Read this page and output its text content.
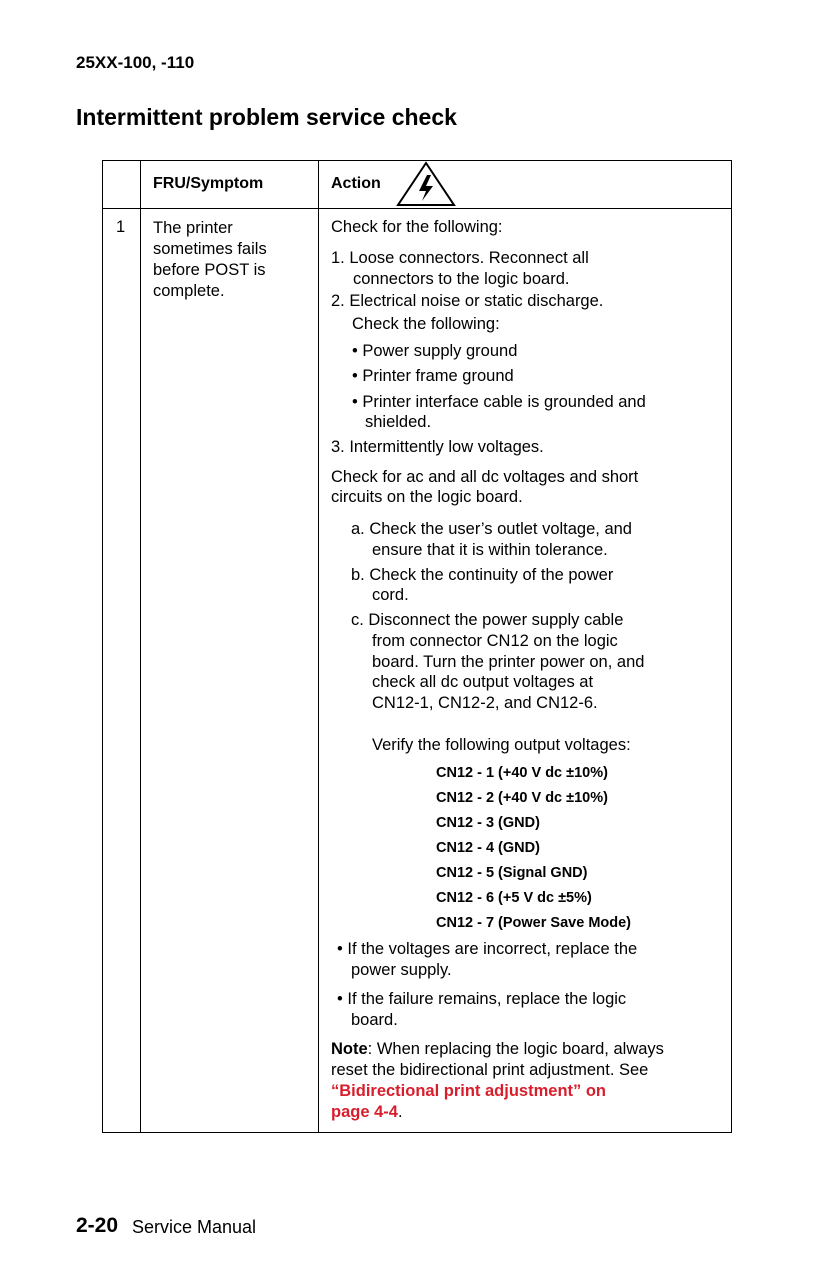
25XX-100, -110
Intermittent problem service check
FRU/Symptom	Action
1 The printer sometimes fails before POST is complete.
Check for the following:
1. Loose connectors. Reconnect all
connectors to the logic board.
2. Electrical noise or static discharge.
Check the following:
• Power supply ground
• Printer frame ground
• Printer interface cable is grounded and
shielded.
3. Intermittently low voltages.
Check for ac and all dc voltages and short
circuits on the logic board.
a. Check the user’s outlet voltage, and
ensure that it is within tolerance.
b. Check the continuity of the power
cord.
c. Disconnect the power supply cable
from connector CN12 on the logic
board. Turn the printer power on, and
check all dc output voltages at
CN12-1, CN12-2, and CN12-6.
Verify the following output voltages:
CN12 - 1 (+40 V dc ±10%)
CN12 - 2 (+40 V dc ±10%)
CN12 - 3 (GND)
CN12 - 4 (GND)
CN12 - 5 (Signal GND)
CN12 - 6 (+5 V dc ±5%)
CN12 - 7 (Power Save Mode)
• If the voltages are incorrect, replace the
power supply.
• If the failure remains, replace the logic
board.
Note: When replacing the logic board, always
reset the bidirectional print adjustment. See
“Bidirectional print adjustment” on
page 4-4.
2-20 Service Manual
